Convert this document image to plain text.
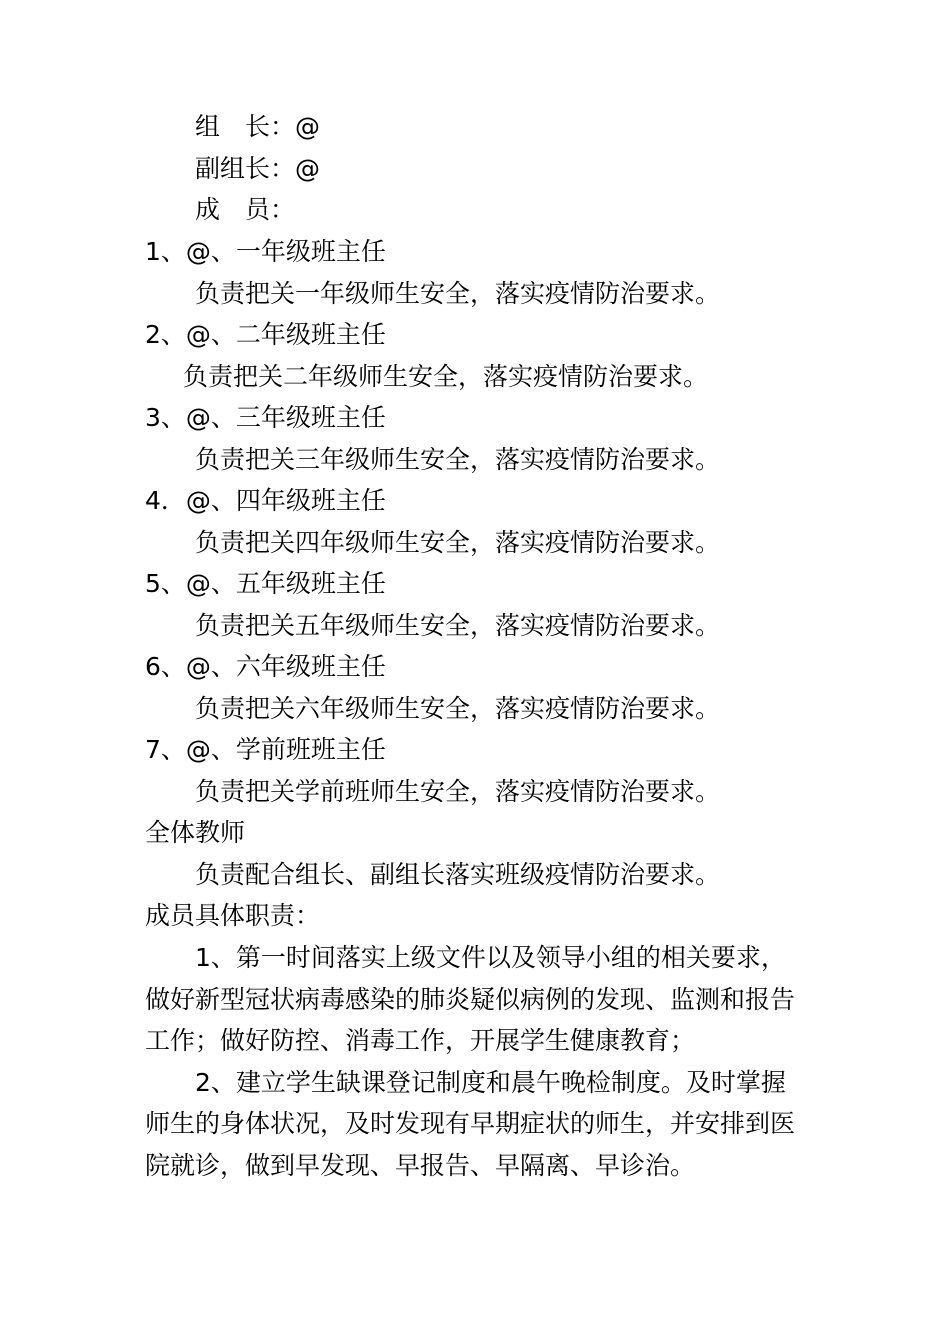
组 长：@
副组长：@
成 员：
1、@、一年级班主任
负责把关一年级师生安全，落实疫情防治要求。
2、@、二年级班主任
负责把关二年级师生安全，落实疫情防治要求。
3、@、三年级班主任
负责把关三年级师生安全，落实疫情防治要求。
4．@、四年级班主任
负责把关四年级师生安全，落实疫情防治要求。
5、@、五年级班主任
负责把关五年级师生安全，落实疫情防治要求。
6、@、六年级班主任
负责把关六年级师生安全，落实疫情防治要求。
7、@、学前班班主任
负责把关学前班师生安全，落实疫情防治要求。
全体教师
负责配合组长、副组长落实班级疫情防治要求。
成员具体职责：
1、第一时间落实上级文件以及领导小组的相关要求，
做好新型冠状病毒感染的肺炎疑似病例的发现、监测和报告
工作；做好防控、消毒工作，开展学生健康教育；
2、建立学生缺课登记制度和晨午晚检制度。及时掌握
师生的身体状况，及时发现有早期症状的师生，并安排到医
院就诊，做到早发现、早报告、早隔离、早诊治。
